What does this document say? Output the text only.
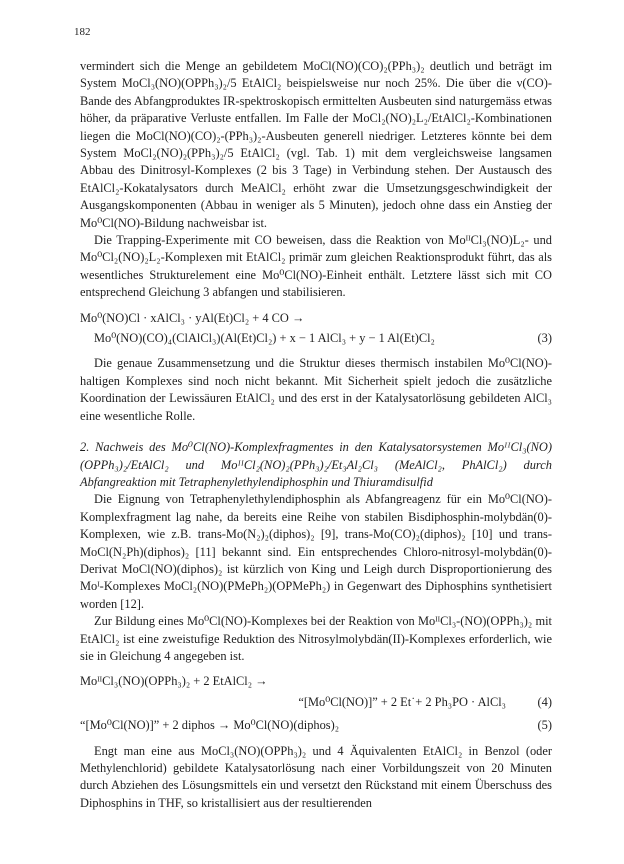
182

vermindert sich die Menge an gebildetem MoCl(NO)(CO)₂(PPh₃)₂ deutlich und beträgt im System MoCl₃(NO)(OPPh₃)₂/5 EtAlCl₂ beispielsweise nur noch 25%. Die über die ν(CO)-Bande des Abfangproduktes IR-spektroskopisch ermittelten Ausbeuten sind naturgemäss etwas höher, da präparative Verluste entfallen. Im Falle der MoCl₂(NO)₂L₂/EtAlCl₂-Kombinationen liegen die MoCl(NO)(CO)₂-(PPh₃)₂-Ausbeuten generell niedriger. Letzteres könnte bei dem System MoCl₂(NO)₂(PPh₃)₂/5 EtAlCl₂ (vgl. Tab. 1) mit dem vergleichsweise langsamen Abbau des Dinitrosyl-Komplexes (2 bis 3 Tage) in Verbindung stehen. Der Austausch des EtAlCl₂-Kokatalysators durch MeAlCl₂ erhöht zwar die Umsetzungsgeschwindigkeit der Ausgangskomponenten (Abbau in weniger als 5 Minuten), jedoch ohne dass ein Anstieg der Mo⁰Cl(NO)-Bildung nachweisbar ist.

Die Trapping-Experimente mit CO beweisen, dass die Reaktion von MoᴵᴵCl₃(NO)L₂- und Mo⁰Cl₂(NO)₂L₂-Komplexen mit EtAlCl₂ primär zum gleichen Reaktionsprodukt führt, das als wesentliches Strukturelement eine Mo⁰Cl(NO)-Einheit enthält. Letztere lässt sich mit CO entsprechend Gleichung 3 abfangen und stabilisieren.

Mo⁰(NO)Cl · xAlCl₃ · yAl(Et)Cl₂ + 4 CO →
Mo⁰(NO)(CO)₄(ClAlCl₃)(Al(Et)Cl₂) + x − 1 AlCl₃ + y − 1 Al(Et)Cl₂	(3)

Die genaue Zusammensetzung und die Struktur dieses thermisch instabilen Mo⁰Cl(NO)-haltigen Komplexes sind noch nicht bekannt. Mit Sicherheit spielt jedoch die zusätzliche Koordination der Lewissäuren EtAlCl₂ und des erst in der Katalysatorlösung gebildeten AlCl₃ eine wesentliche Rolle.

2. Nachweis des Mo⁰Cl(NO)-Komplexfragmentes in den Katalysatorsystemen MoᴵᴵCl₃(NO)(OPPh₃)₂/EtAlCl₂ und MoᴵᴵCl₂(NO)₂(PPh₃)₂/Et₃Al₂Cl₃ (MeAlCl₂, PhAlCl₂) durch Abfangreaktion mit Tetraphenylethylendiphosphin und Thiuramdisulfid

Die Eignung von Tetraphenylethylendiphosphin als Abfangreagenz für ein Mo⁰Cl(NO)-Komplexfragment lag nahe, da bereits eine Reihe von stabilen Bisdiphosphin-molybdän(0)-Komplexen, wie z.B. trans-Mo(N₂)₂(diphos)₂ [9], trans-Mo(CO)₂(diphos)₂ [10] und trans-MoCl(N₂Ph)(diphos)₂ [11] bekannt sind. Ein entsprechendes Chloro-nitrosyl-molybdän(0)-Derivat MoCl(NO)(diphos)₂ ist kürzlich von King und Leigh durch Disproportionierung des Moᴵ-Komplexes MoCl₂(NO)(PMePh₂)(OPMePh₂) in Gegenwart des Diphosphins synthetisiert worden [12].

Zur Bildung eines Mo⁰Cl(NO)-Komplexes bei der Reaktion von MoᴵᴵCl₃-(NO)(OPPh₃)₂ mit EtAlCl₂ ist eine zweistufige Reduktion des Nitrosylmolybdän(II)-Komplexes erforderlich, wie sie in Gleichung 4 angegeben ist.

MoᴵᴵCl₃(NO)(OPPh₃)₂ + 2 EtAlCl₂ →
“[Mo⁰Cl(NO)]” + 2 Et˙+ 2 Ph₃PO · AlCl₃	(4)
“[Mo⁰Cl(NO)]” + 2 diphos → Mo⁰Cl(NO)(diphos)₂	(5)

Engt man eine aus MoCl₃(NO)(OPPh₃)₂ und 4 Äquivalenten EtAlCl₂ in Benzol (oder Methylenchlorid) gebildete Katalysatorlösung nach einer Vorbildungszeit von 20 Minuten durch Abziehen des Lösungsmittels ein und versetzt den Rückstand mit einem Überschuss des Diphosphins in THF, so kristallisiert aus der resultierenden
